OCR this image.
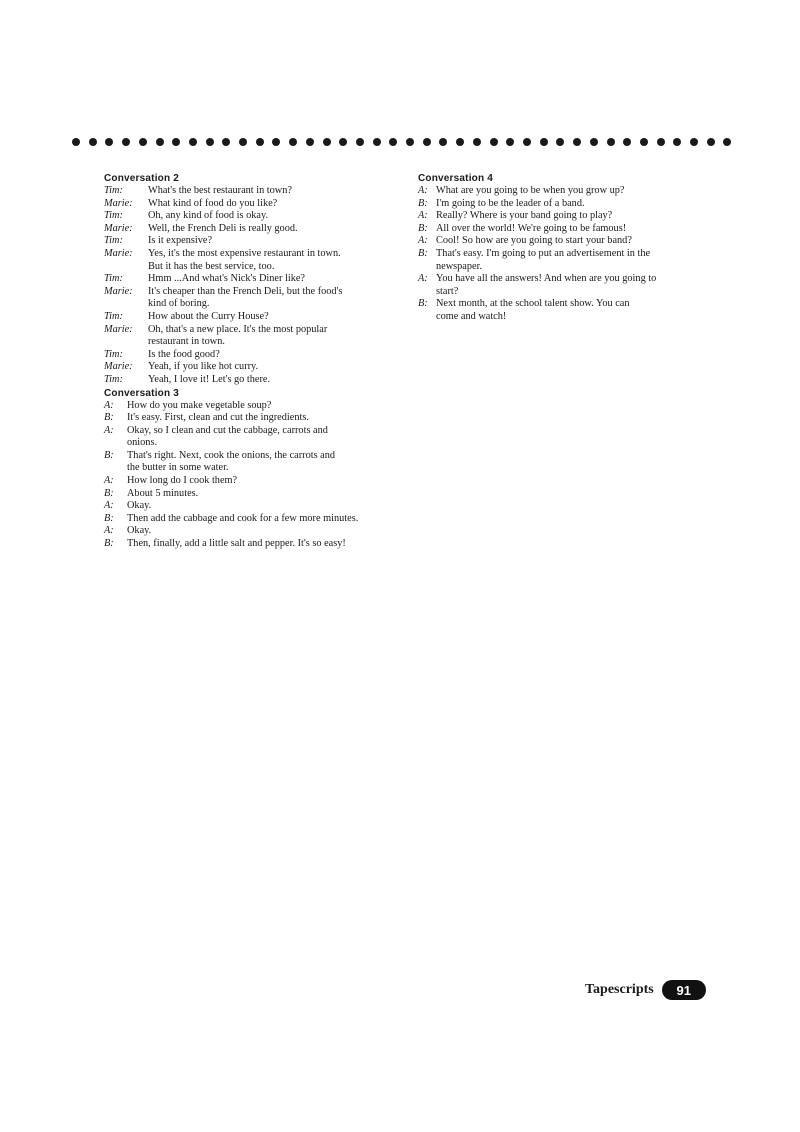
Conversation 2
Tim:	What's the best restaurant in town?
Marie:	What kind of food do you like?
Tim:	Oh, any kind of food is okay.
Marie:	Well, the French Deli is really good.
Tim:	Is it expensive?
Marie:	Yes, it's the most expensive restaurant in town.
But it has the best service, too.
Tim:	Hmm ...And what's Nick's Diner like?
Marie:	It's cheaper than the French Deli, but the food's
kind of boring.
Tim:	How about the Curry House?
Marie:	Oh, that's a new place. It's the most popular
restaurant in town.
Tim:	Is the food good?
Marie:	Yeah, if you like hot curry.
Tim:	Yeah, I love it! Let's go there.
Conversation 3
A:	How do you make vegetable soup?
B:	It's easy. First, clean and cut the ingredients.
A:	Okay, so I clean and cut the cabbage, carrots and
onions.
B:	That's right. Next, cook the onions, the carrots and
the butter in some water.
A:	How long do I cook them?
B:	About 5 minutes.
A:	Okay.
B:	Then add the cabbage and cook for a few more minutes.
A:	Okay.
B:	Then, finally, add a little salt and pepper. It's so easy!
Conversation 4
A: What are you going to be when you grow up?
B: I'm going to be the leader of a band.
A: Really? Where is your band going to play?
B: All over the world! We're going to be famous!
A: Cool! So how are you going to start your band?
B: That's easy. I'm going to put an advertisement in the
newspaper.
A: You have all the answers! And when are you going to
start?
B: Next month, at the school talent show. You can
come and watch!
Tapescripts	91
